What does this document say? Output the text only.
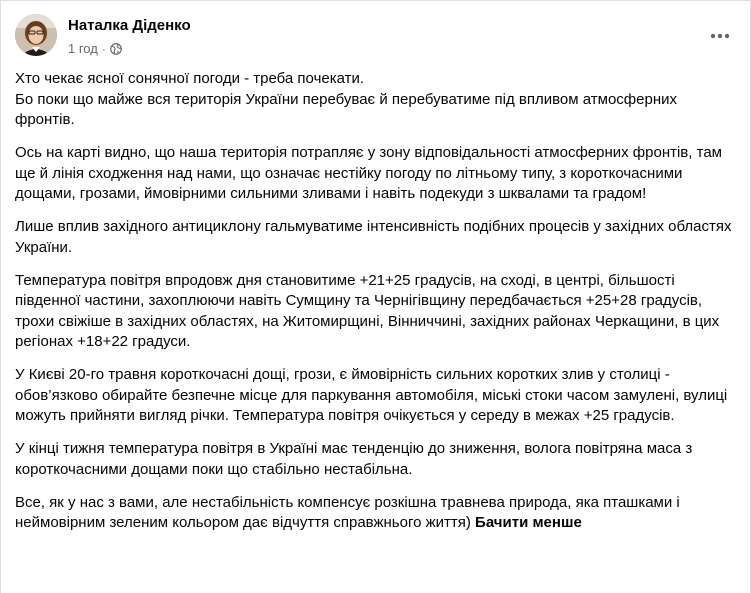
Наталка Діденко
1 год ·

Хто чекає ясної сонячної погоди - треба почекати.
Бо поки що майже вся територія України перебуває й перебуватиме під впливом атмосферних фронтів.

Ось на карті видно, що наша територія потрапляє у зону відповідальності атмосферних фронтів, там ще й лінія сходження над нами, що означає нестійку погоду по літньому типу, з короткочасними дощами, грозами, ймовірними сильними зливами і навіть подекуди з шквалами та градом!

Лише вплив західного антициклону гальмуватиме інтенсивність подібних процесів у західних областях України.

Температура повітря впродовж дня становитиме +21+25 градусів, на сході, в центрі, більшості південної частини, захоплюючи навіть Сумщину та Чернігівщину передбачається +25+28 градусів, трохи свіжіше в західних областях, на Житомирщині, Вінниччині, західних районах Черкащини, в цих регіонах +18+22 градуси.

У Києві 20-го травня короткочасні дощі, грози, є ймовірність сильних коротких злив у столиці - обов’язково обирайте безпечне місце для паркування автомобіля, міські стоки часом замулені, вулиці можуть прийняти вигляд річки. Температура повітря очікується у середу в межах +25 градусів.

У кінці тижня температура повітря в Україні має тенденцію до зниження, волога повітряна маса з короткочасними дощами поки що стабільно нестабільна.

Все, як у нас з вами, але нестабільність компенсує розкішна травнева природа, яка пташками і неймовірним зеленим кольором дає відчуття справжнього життя) Бачити менше
